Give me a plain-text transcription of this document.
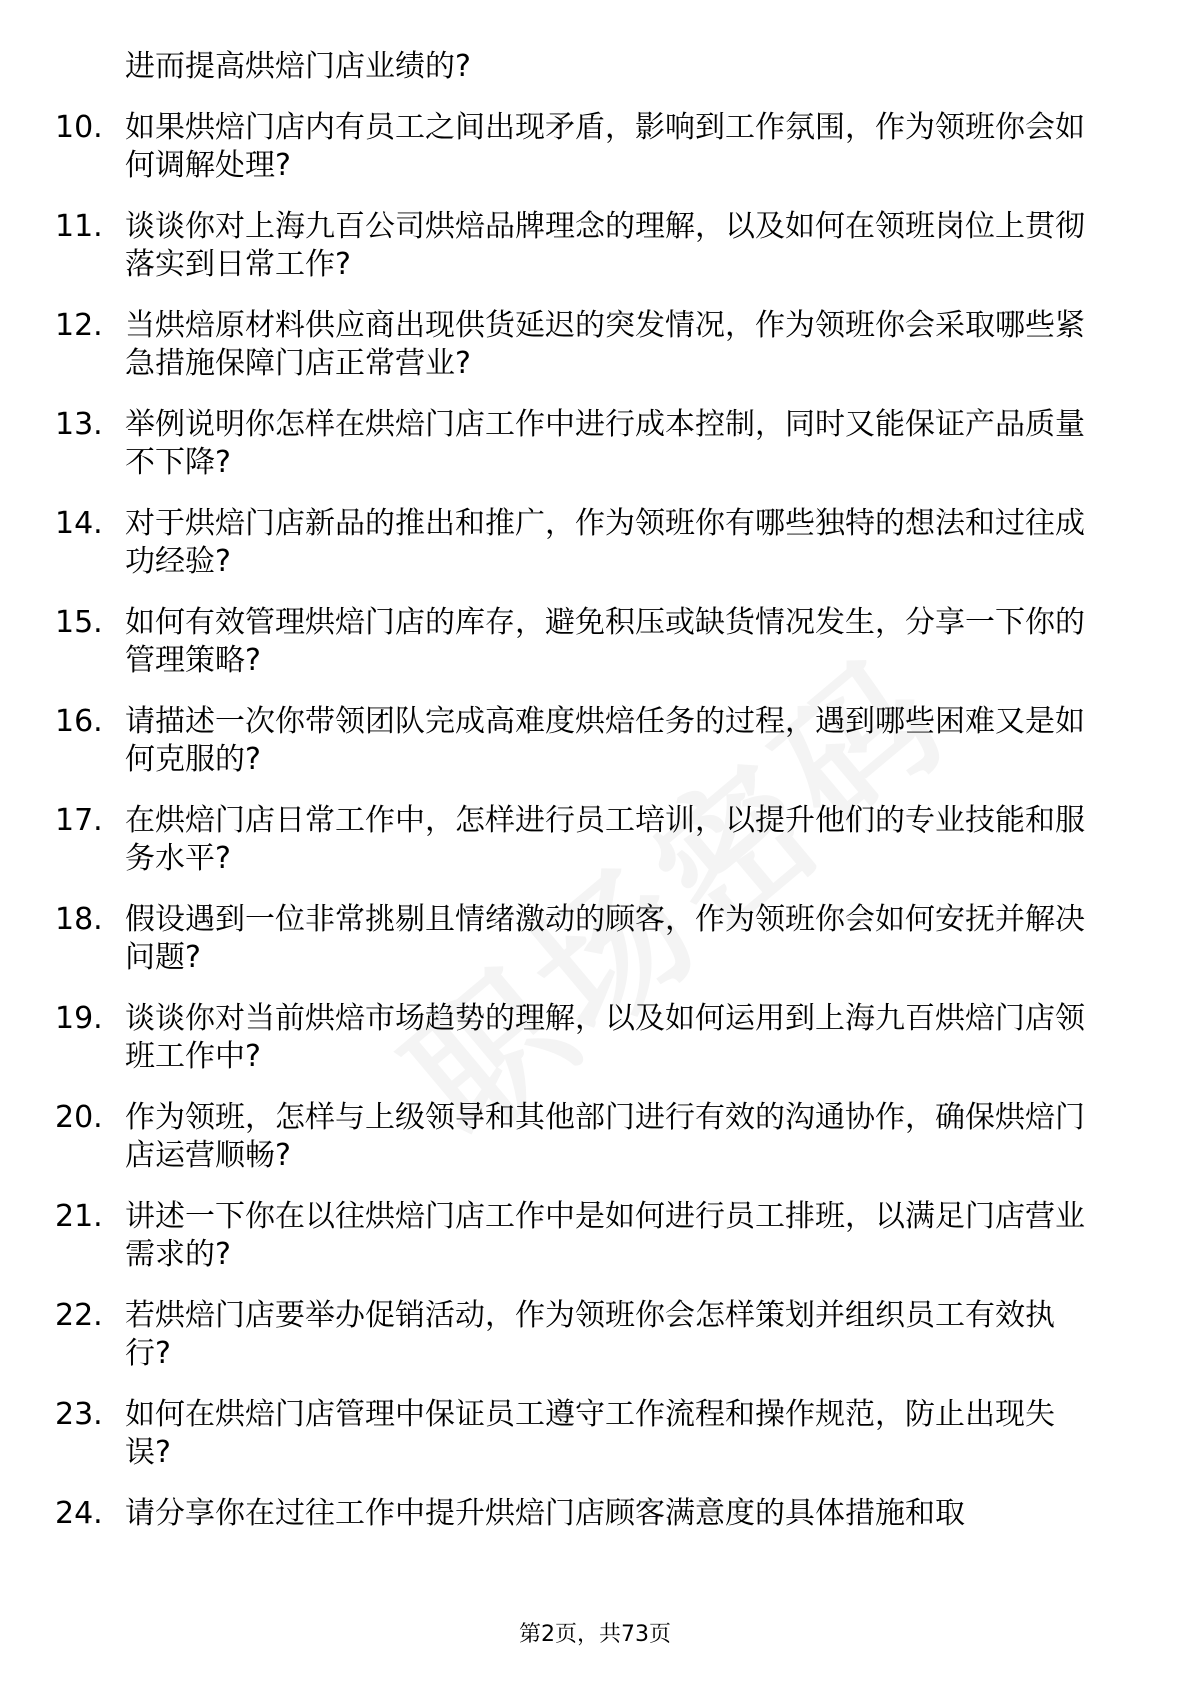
进而提高烘焙门店业绩的?
10. 如果烘焙门店内有员工之间出现矛盾，影响到工作氛围，作为领班你会如何调解处理?
11. 谈谈你对上海九百公司烘焙品牌理念的理解，以及如何在领班岗位上贯彻落实到日常工作?
12. 当烘焙原材料供应商出现供货延迟的突发情况，作为领班你会采取哪些紧急措施保障门店正常营业?
13. 举例说明你怎样在烘焙门店工作中进行成本控制，同时又能保证产品质量不下降?
14. 对于烘焙门店新品的推出和推广，作为领班你有哪些独特的想法和过往成功经验?
15. 如何有效管理烘焙门店的库存，避免积压或缺货情况发生，分享一下你的管理策略?
16. 请描述一次你带领团队完成高难度烘焙任务的过程，遇到哪些困难又是如何克服的?
17. 在烘焙门店日常工作中，怎样进行员工培训，以提升他们的专业技能和服务水平?
18. 假设遇到一位非常挑剔且情绪激动的顾客，作为领班你会如何安抚并解决问题?
19. 谈谈你对当前烘焙市场趋势的理解，以及如何运用到上海九百烘焙门店领班工作中?
20. 作为领班，怎样与上级领导和其他部门进行有效的沟通协作，确保烘焙门店运营顺畅?
21. 讲述一下你在以往烘焙门店工作中是如何进行员工排班，以满足门店营业需求的?
22. 若烘焙门店要举办促销活动，作为领班你会怎样策划并组织员工有效执行?
23. 如何在烘焙门店管理中保证员工遵守工作流程和操作规范，防止出现失误?
24. 请分享你在过往工作中提升烘焙门店顾客满意度的具体措施和取
第2页，共73页
